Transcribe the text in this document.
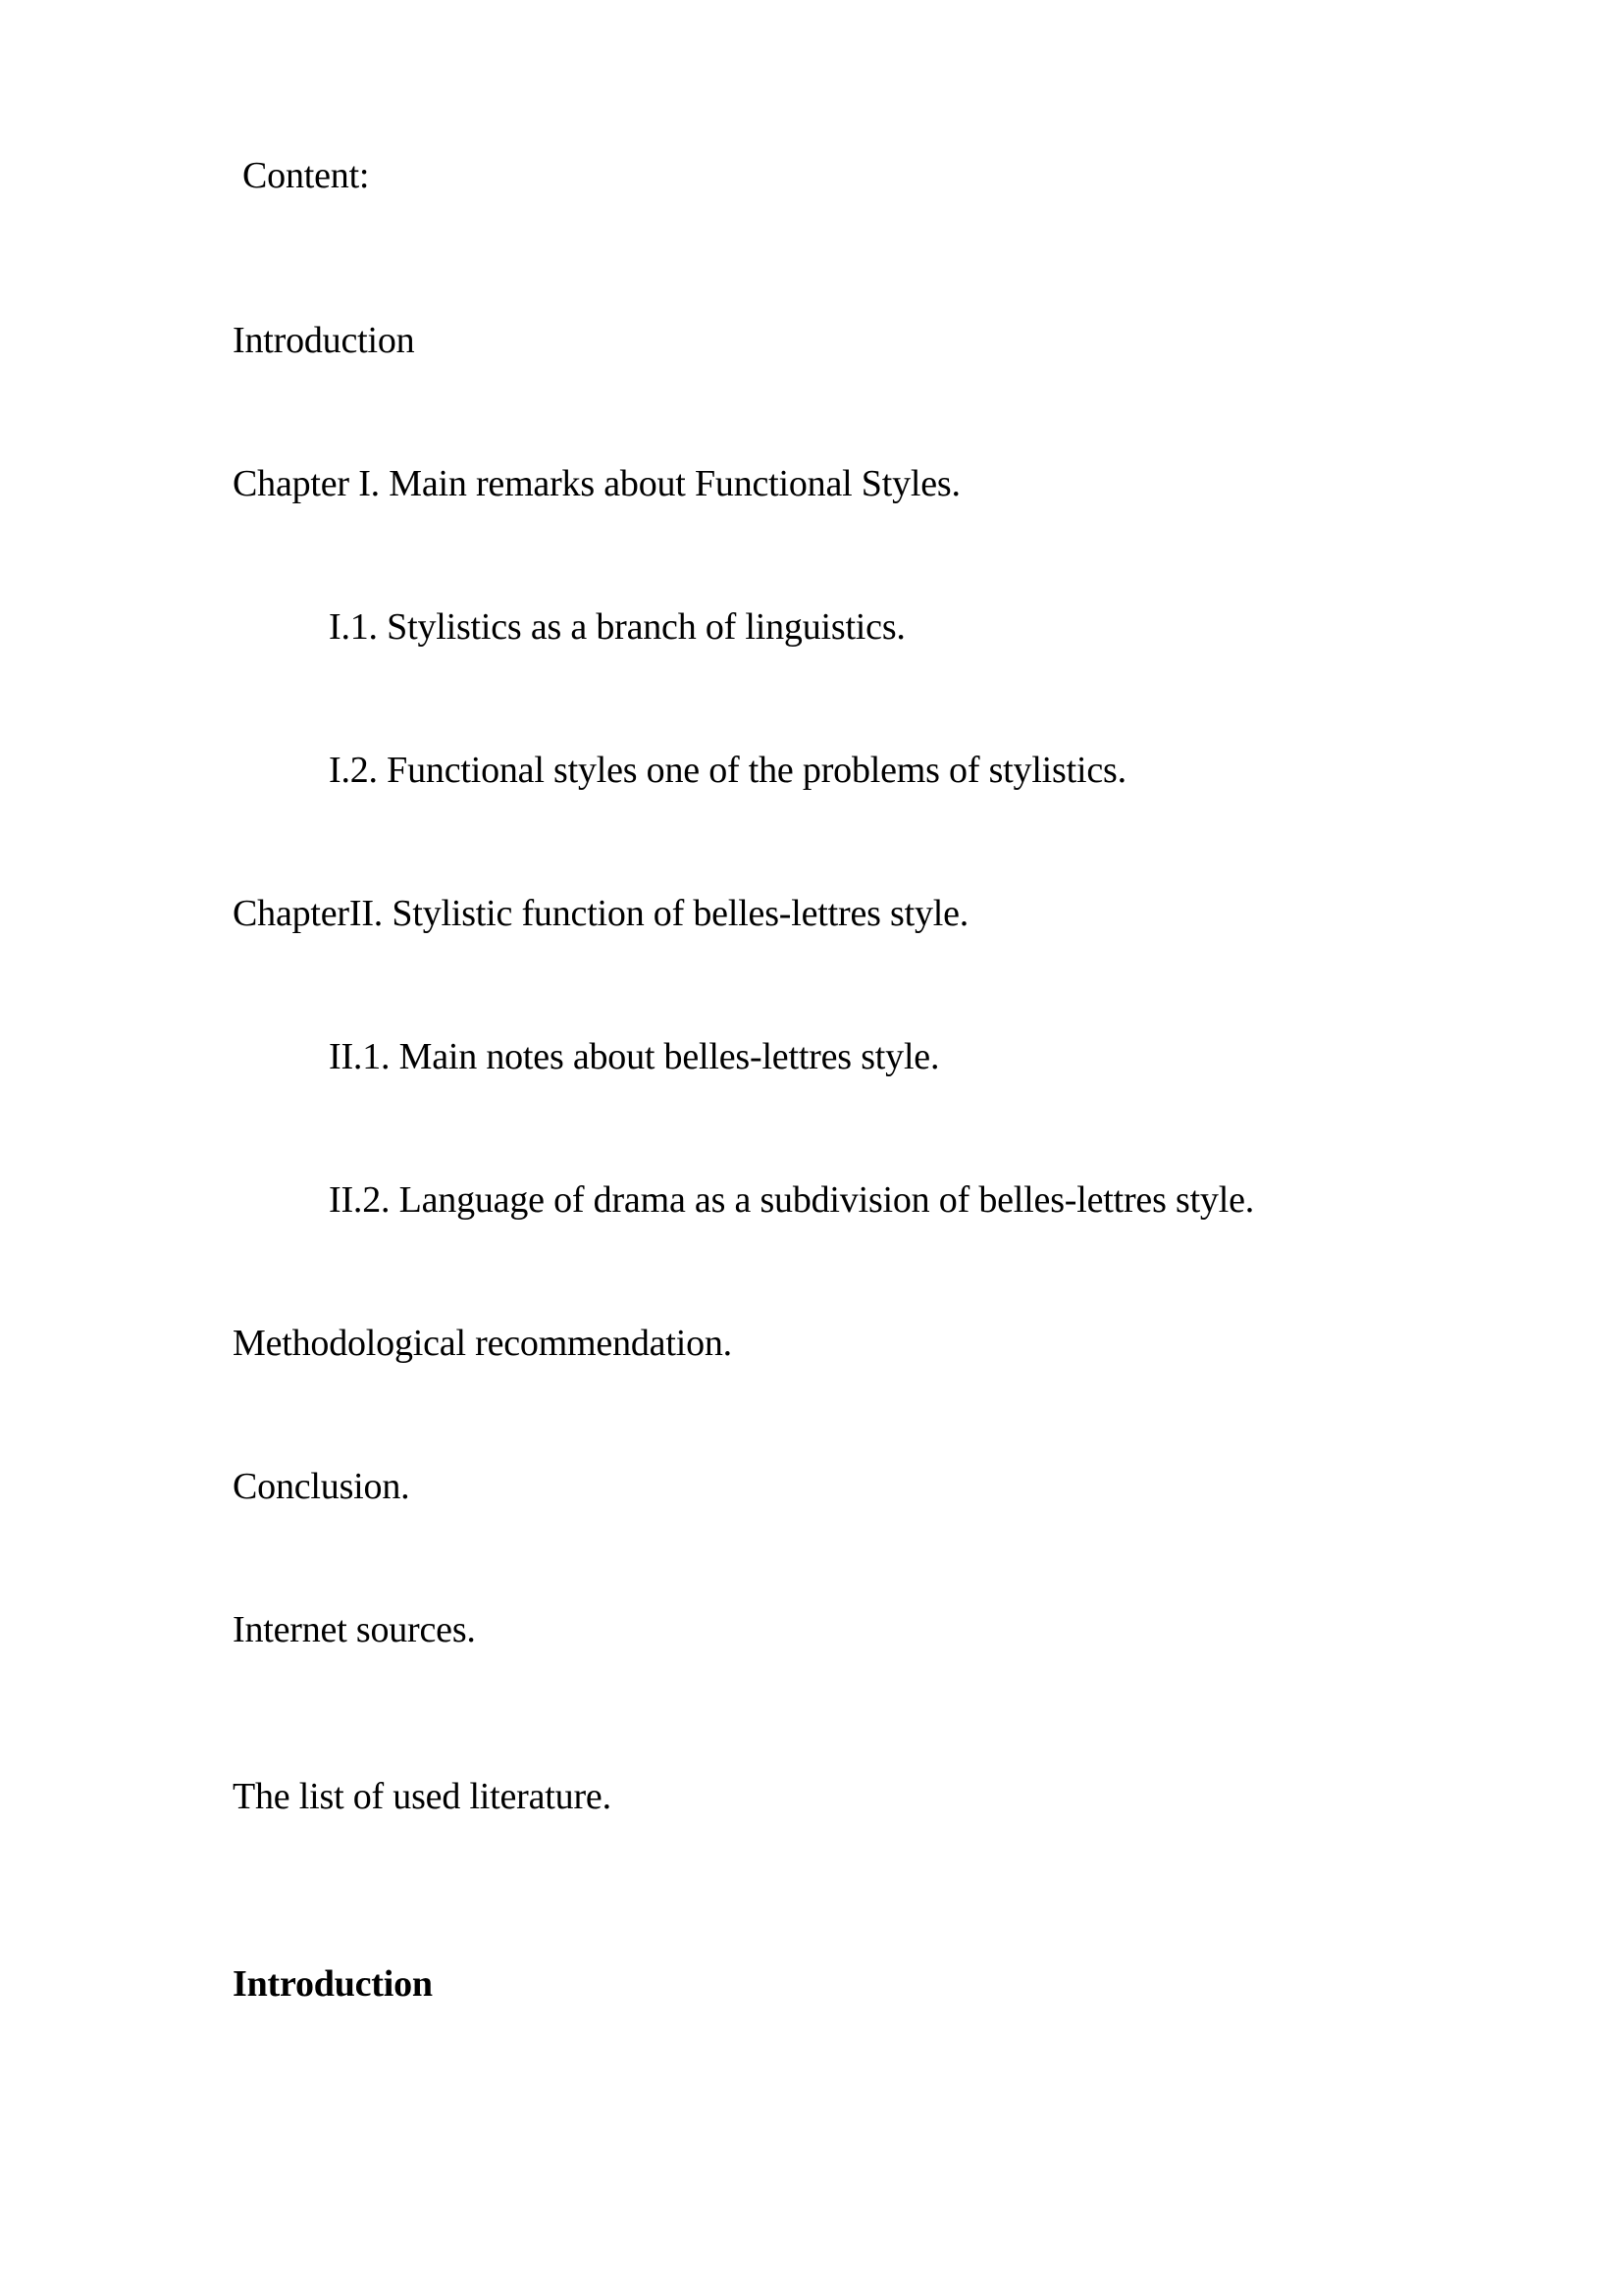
Content:
Introduction
Chapter I. Main remarks about Functional Styles.
I.1. Stylistics as a branch of linguistics.
I.2. Functional styles one of the problems of stylistics.
ChapterII. Stylistic function of belles-lettres style.
II.1. Main notes about belles-lettres style.
II.2. Language of drama as a subdivision of belles-lettres style.
Methodological recommendation.
Conclusion.
Internet sources.
The list of used literature.
Introduction
